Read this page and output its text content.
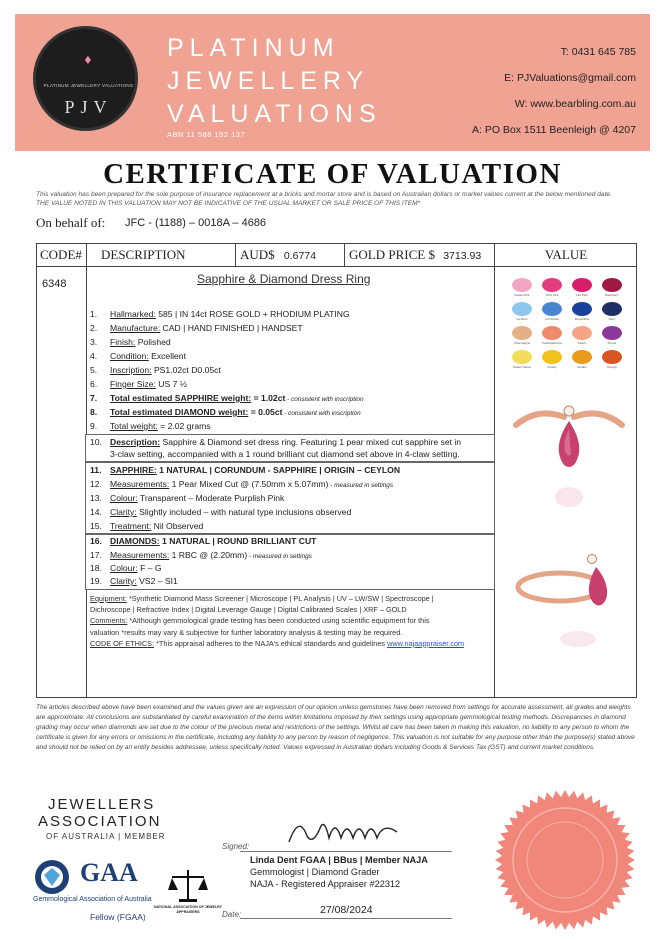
♦
PLATINUM JEWELLERY VALUATIONS
PJV
PLATINUM
JEWELLERY
VALUATIONS
ABN 11 588 192 137
T: 0431 645 785
E: PJValuations@gmail.com
W: www.bearbling.com.au
A: PO Box 1511 Beenleigh @ 4207
CERTIFICATE OF VALUATION
This valuation has been prepared for the sole purpose of insurance replacement at a bricks and mortar store and is based on Australian dollars or market values current at the below mentioned date.
THE VALUE NOTED IN THIS VALUATION MAY NOT BE INDICATIVE OF THE USUAL MARKET OR SALE PRICE OF THIS ITEM*
On behalf of: JFC - (1188) – 0018A – 4686
CODE#	DESCRIPTION	AUD$ 0.6774	GOLD PRICE $ 3713.93	VALUE
6348	Sapphire & Diamond Dress Ring
1. Hallmarked: 585 | IN 14ct ROSE GOLD + RHODIUM PLATING
2. Manufacture: CAD | HAND FINISHED | HANDSET
3. Finish: Polished
4. Condition: Excellent
5. Inscription: PS1.02ct D0.05ct
6. Finger Size: US 7 ½
7. Total estimated SAPPHIRE weight: = 1.02ct - consistent with inscription
8. Total estimated DIAMOND weight: = 0.05ct - consistent with inscription
9. Total weight: = 2.02 grams
10. Description: Sapphire & Diamond set dress ring. Featuring 1 pear mixed cut sapphire set in
3-claw setting, accompanied with a 1 round brilliant cut diamond set above in 4-claw setting.
11. SAPPHIRE: 1 NATURAL | CORUNDUM - SAPPHIRE | ORIGIN – CEYLON
12. Measurements: 1 Pear Mixed Cut @ (7.50mm x 5.07mm) - measured in settings
13. Colour: Transparent – Moderate Purplish Pink
14. Clarity: Slightly included – with natural type inclusions observed
15. Treatment: Nil Observed
16. DIAMONDS: 1 NATURAL | ROUND BRILLIANT CUT
17. Measurements: 1 RBC @ (2.20mm) - measured in settings
18. Colour: F – G
19. Clarity: VS2 – SI1
Equipment: *Synthetic Diamond Mass Screener | Microscope | PL Analysis | UV – LW/SW | Spectroscope |
Dichroscope | Refractive Index | Digital Leverage Gauge | Digital Calibrated Scales | XRF – GOLD
Comments: *Although gemmological grade testing has been conducted using scientific equipment for this
valuation *results may vary & subjective for further laboratory analysis & testing may be required.
CODE OF ETHICS: *This appraisal adheres to the NAJA's ethical standards and guidelines www.najaappraiser.com
Pastel Pink	Vivid Pink	Hot Pink	Raspberry
Ice Blue	Cornflower	Royal Blue	Navy
Champagne	Padparadscha	Peach	Purple
Pastel Yellow	Canary	Golden	Orange
The articles described above have been examined and the values given are an expression of our opinion unless gemstones have been removed from settings for accurate assessment, all grades and weights are approximate. All conclusions are substantiated by careful examination of the items within limitations imposed by their settings using appropriate gemmological testing methods. Discrepancies in diamond grading may occur when diamonds are set due to the colour of the precious metal and restrictions of the settings. Whilst all care has been taken in making this valuation, no liability to any person to whom the certificate is given for any errors or omissions in the certificate, including any liability to any person by reason of negligence. This valuation is not suitable for any purpose other than the purpose(s) stated above and should not be relied on by an entity besides addressee, unless specifically noted. Values expressed in Australian dollars including Goods & Services Tax (GST) and current market conditions.
JEWELLERS
ASSOCIATION
OF AUSTRALIA | MEMBER
GAA
Gemmological Association of Australia
Fellow (FGAA)
NATIONAL ASSOCIATION OF JEWELRY APPRAISERS
Signed:
Linda Dent FGAA | BBus | Member NAJA
Gemmologist | Diamond Grader
NAJA - Registered Appraiser #22312
Date:	27/08/2024
